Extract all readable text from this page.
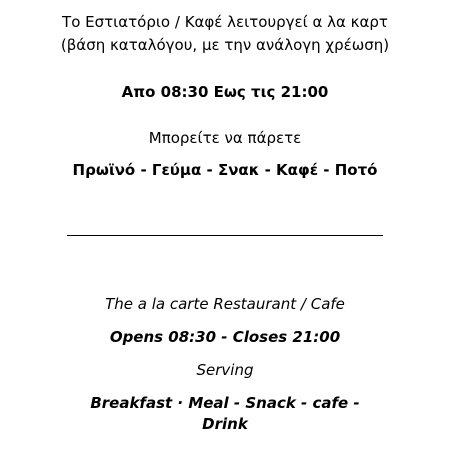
Το Εστιατόριο / Καφέ λειτουργεί α λα καρτ
(βάση καταλόγου, με την ανάλογη χρέωση)
Απο 08:30 Εως τις 21:00
Μπορείτε να πάρετε
Πρωϊνό - Γεύμα - Σνακ - Καφέ - Ποτό
The a la carte Restaurant / Cafe
Opens 08:30 - Closes 21:00
Serving
Breakfast · Meal - Snack - cafe -
Drink
